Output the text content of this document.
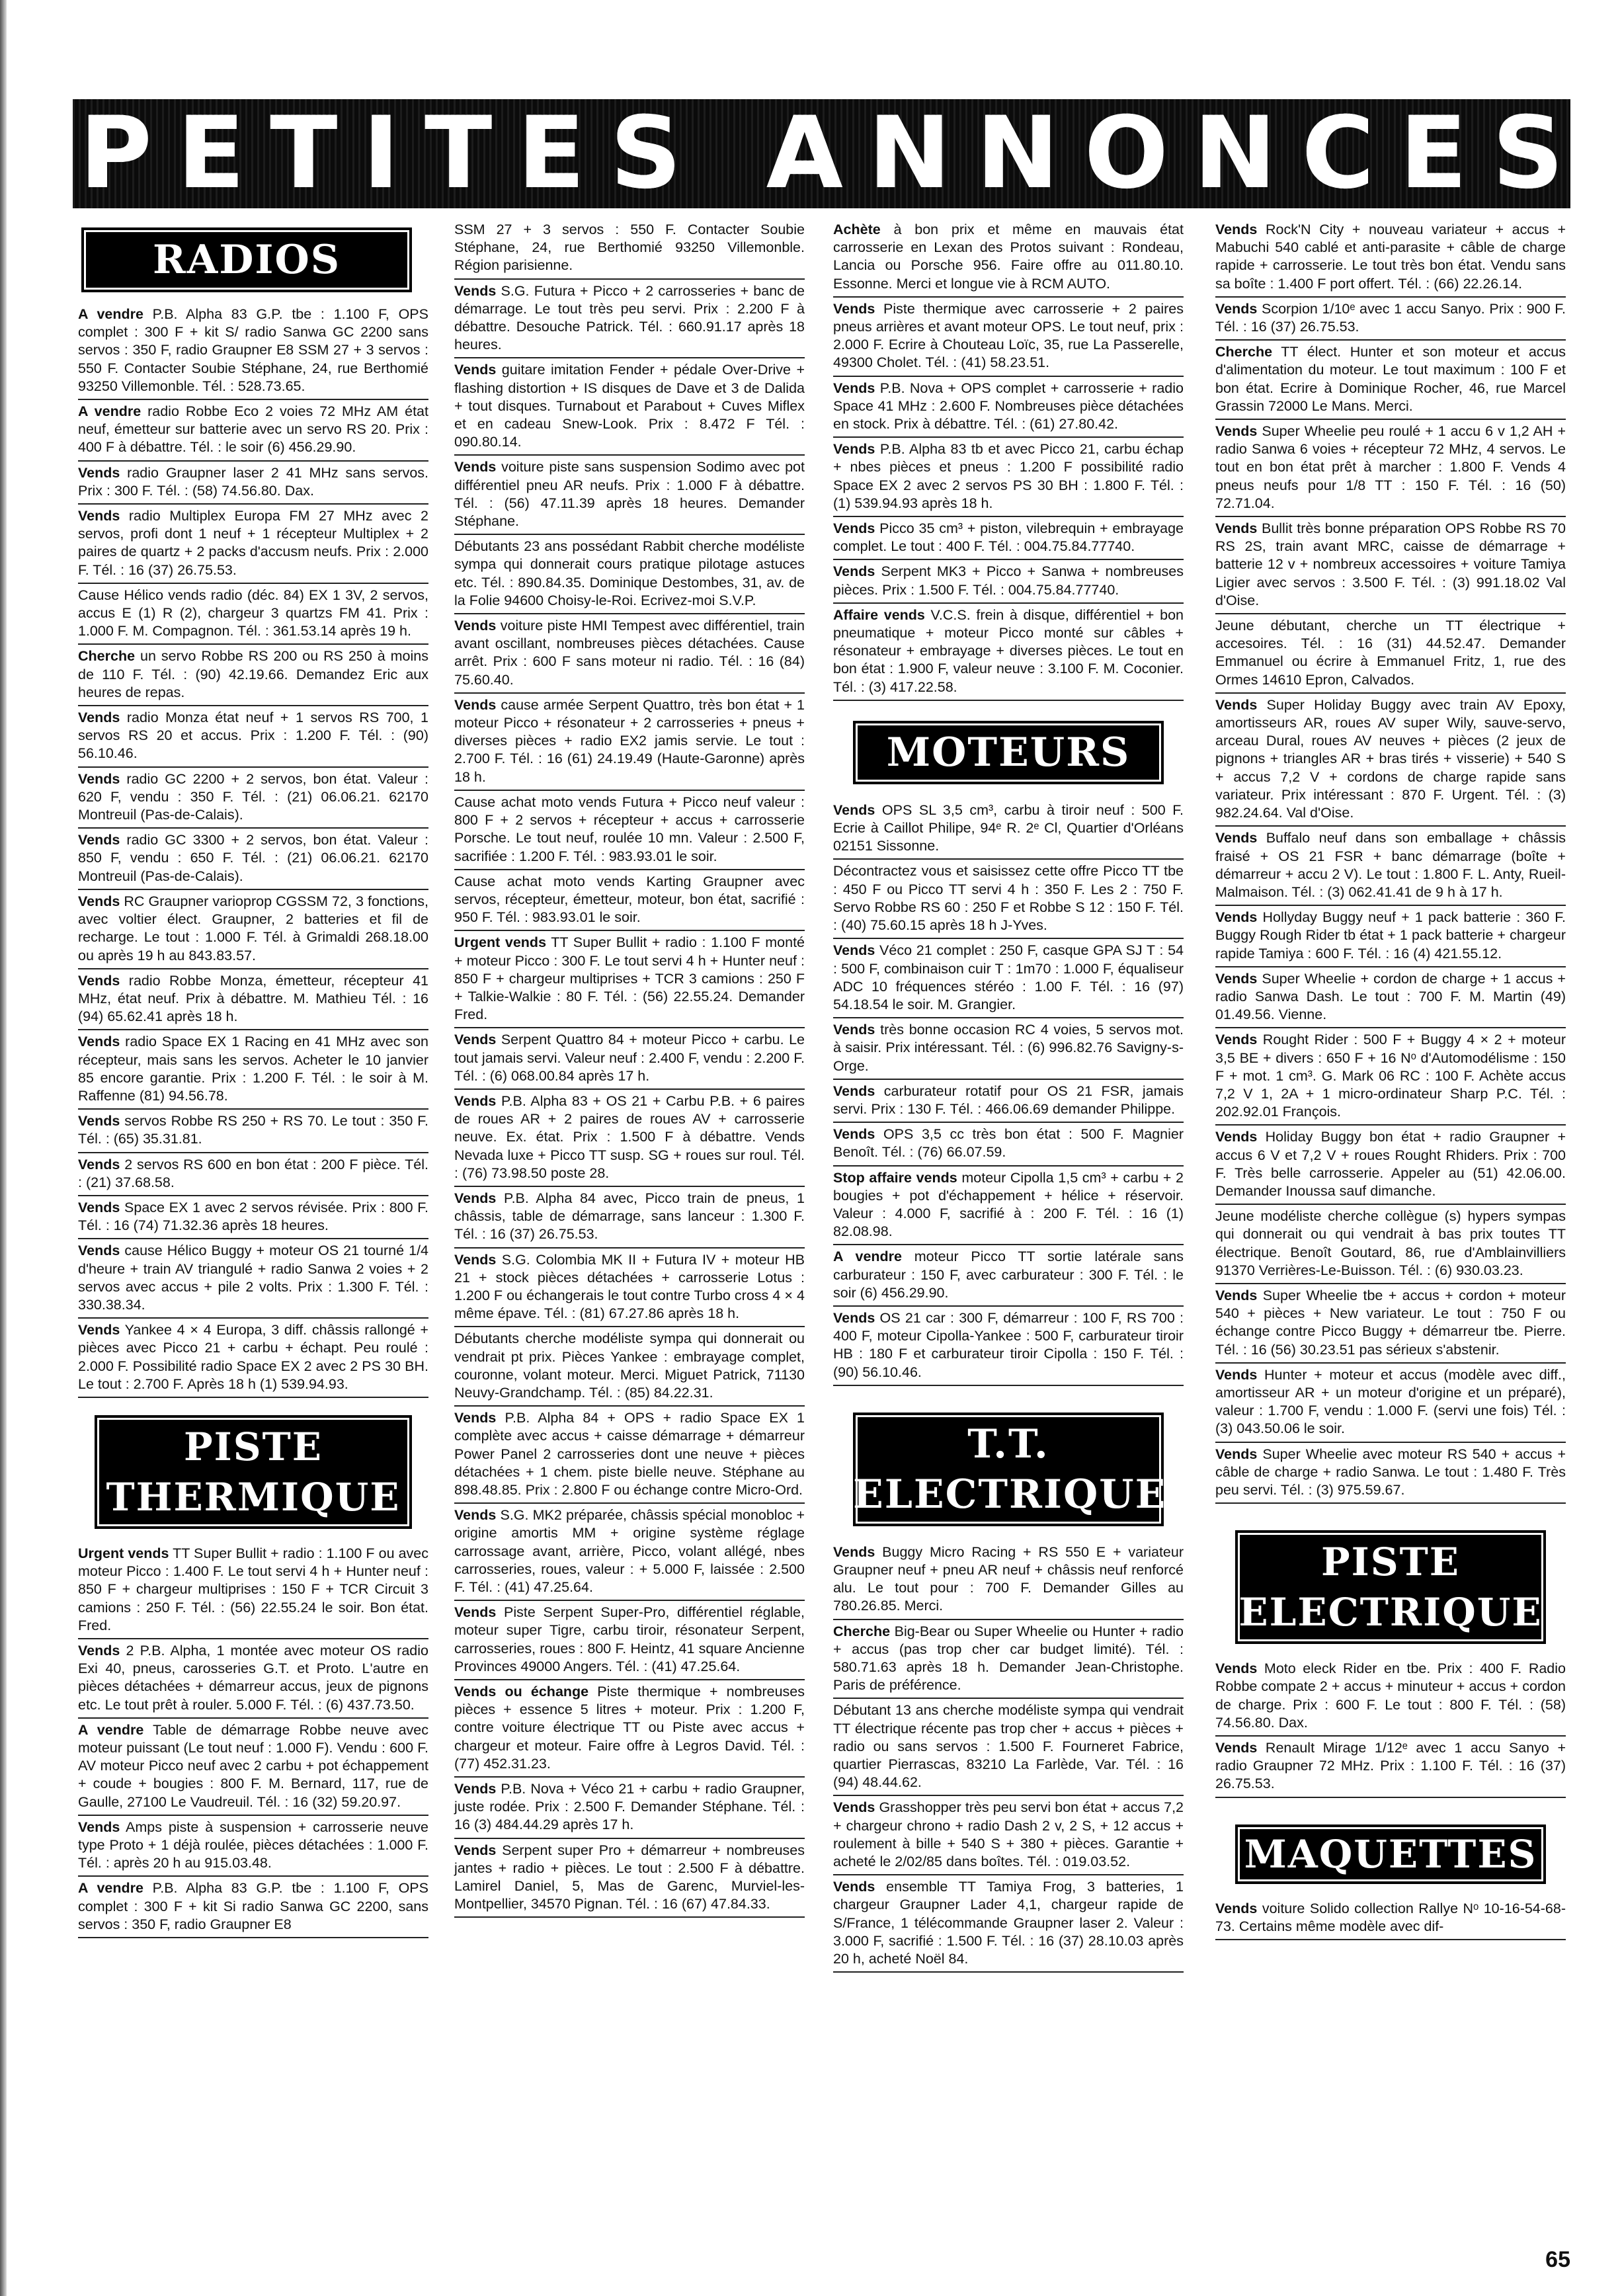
P E T I T E S
A N N O N C E S
RADIOS

A vendre P.B. Alpha 83 G.P. tbe : 1.100 F, OPS complet : 300 F + kit S/ radio Sanwa GC 2200 sans servos : 350 F, radio Graupner E8 SSM 27 + 3 servos : 550 F. Contacter Soubie Stéphane, 24, rue Berthomié 93250 Villemonble. Tél. : 528.73.65.

A vendre radio Robbe Eco 2 voies 72 MHz AM état neuf, émetteur sur batterie avec un servo RS 20. Prix : 400 F à débattre. Tél. : le soir (6) 456.29.90.

Vends radio Graupner laser 2 41 MHz sans servos. Prix : 300 F. Tél. : (58) 74.56.80. Dax.

Vends radio Multiplex Europa FM 27 MHz avec 2 servos, profi dont 1 neuf + 1 récepteur Multiplex + 2 paires de quartz + 2 packs d'accusm neufs. Prix : 2.000 F. Tél. : 16 (37) 26.75.53.

Cause Hélico vends radio (déc. 84) EX 1 3V, 2 servos, accus E (1) R (2), chargeur 3 quartzs FM 41. Prix : 1.000 F. M. Compagnon. Tél. : 361.53.14 après 19 h.

Cherche un servo Robbe RS 200 ou RS 250 à moins de 110 F. Tél. : (90) 42.19.66. Demandez Eric aux heures de repas.

Vends radio Monza état neuf + 1 servos RS 700, 1 servos RS 20 et accus. Prix : 1.200 F. Tél. : (90) 56.10.46.

Vends radio GC 2200 + 2 servos, bon état. Valeur : 620 F, vendu : 350 F. Tél. : (21) 06.06.21. 62170 Montreuil (Pas-de-Calais).

Vends radio GC 3300 + 2 servos, bon état. Valeur : 850 F, vendu : 650 F. Tél. : (21) 06.06.21. 62170 Montreuil (Pas-de-Calais).

Vends RC Graupner varioprop CGSSM 72, 3 fonctions, avec voltier élect. Graupner, 2 batteries et fil de recharge. Le tout : 1.000 F. Tél. à Grimaldi 268.18.00 ou après 19 h au 843.83.57.

Vends radio Robbe Monza, émetteur, récepteur 41 MHz, état neuf. Prix à débattre. M. Mathieu Tél. : 16 (94) 65.62.41 après 18 h.

Vends radio Space EX 1 Racing en 41 MHz avec son récepteur, mais sans les servos. Acheter le 10 janvier 85 encore garantie. Prix : 1.200 F. Tél. : le soir à M. Raffenne (81) 94.56.78.

Vends servos Robbe RS 250 + RS 70. Le tout : 350 F. Tél. : (65) 35.31.81.

Vends 2 servos RS 600 en bon état : 200 F pièce. Tél. : (21) 37.68.58.

Vends Space EX 1 avec 2 servos révisée. Prix : 800 F. Tél. : 16 (74) 71.32.36 après 18 heures.

Vends cause Hélico Buggy + moteur OS 21 tourné 1/4 d'heure + train AV triangulé + radio Sanwa 2 voies + 2 servos avec accus + pile 2 volts. Prix : 1.300 F. Tél. : 330.38.34.

Vends Yankee 4 × 4 Europa, 3 diff. châssis rallongé + pièces avec Picco 21 + carbu + échapt. Peu roulé : 2.000 F. Possibilité radio Space EX 2 avec 2 PS 30 BH. Le tout : 2.700 F. Après 18 h (1) 539.94.93.

PISTE
THERMIQUE

Urgent vends TT Super Bullit + radio : 1.100 F ou avec moteur Picco : 1.400 F. Le tout servi 4 h + Hunter neuf : 850 F + chargeur multiprises : 150 F + TCR Circuit 3 camions : 250 F. Tél. : (56) 22.55.24 le soir. Bon état. Fred.

Vends 2 P.B. Alpha, 1 montée avec moteur OS radio Exi 40, pneus, carosseries G.T. et Proto. L'autre en pièces détachées + démarreur accus, jeux de pignons etc. Le tout prêt à rouler. 5.000 F. Tél. : (6) 437.73.50.

A vendre Table de démarrage Robbe neuve avec moteur puissant (Le tout neuf : 1.000 F). Vendu : 600 F. AV moteur Picco neuf avec 2 carbu + pot échappement + coude + bougies : 800 F. M. Bernard, 117, rue de Gaulle, 27100 Le Vaudreuil. Tél. : 16 (32) 59.20.97.

Vends Amps piste à suspension + carrosserie neuve type Proto + 1 déjà roulée, pièces détachées : 1.000 F. Tél. : après 20 h au 915.03.48.

A vendre P.B. Alpha 83 G.P. tbe : 1.100 F, OPS complet : 300 F + kit Si radio Sanwa GC 2200, sans servos : 350 F, radio Graupner E8

SSM 27 + 3 servos : 550 F. Contacter Soubie Stéphane, 24, rue Berthomié 93250 Villemonble. Région parisienne.

Vends S.G. Futura + Picco + 2 carrosseries + banc de démarrage. Le tout très peu servi. Prix : 2.200 F à débattre. Desouche Patrick. Tél. : 660.91.17 après 18 heures.

Vends guitare imitation Fender + pédale Over-Drive + flashing distortion + IS disques de Dave et 3 de Dalida + tout disques. Turnabout et Parabout + Cuves Miflex et en cadeau Snew-Look. Prix : 8.472 F Tél. : 090.80.14.

Vends voiture piste sans suspension Sodimo avec pot différentiel pneu AR neufs. Prix : 1.000 F à débattre. Tél. : (56) 47.11.39 après 18 heures. Demander Stéphane.

Débutants 23 ans possédant Rabbit cherche modéliste sympa qui donnerait cours pratique pilotage astuces etc. Tél. : 890.84.35. Dominique Destombes, 31, av. de la Folie 94600 Choisy-le-Roi. Ecrivez-moi S.V.P.

Vends voiture piste HMI Tempest avec différentiel, train avant oscillant, nombreuses pièces détachées. Cause arrêt. Prix : 600 F sans moteur ni radio. Tél. : 16 (84) 75.60.40.

Vends cause armée Serpent Quattro, très bon état + 1 moteur Picco + résonateur + 2 carrosseries + pneus + diverses pièces + radio EX2 jamis servie. Le tout : 2.700 F. Tél. : 16 (61) 24.19.49 (Haute-Garonne) après 18 h.

Cause achat moto vends Futura + Picco neuf valeur : 800 F + 2 servos + récepteur + accus + carrosserie Porsche. Le tout neuf, roulée 10 mn. Valeur : 2.500 F, sacrifiée : 1.200 F. Tél. : 983.93.01 le soir.

Cause achat moto vends Karting Graupner avec servos, récepteur, émetteur, moteur, bon état, sacrifié : 950 F. Tél. : 983.93.01 le soir.

Urgent vends TT Super Bullit + radio : 1.100 F monté + moteur Picco : 300 F. Le tout servi 4 h + Hunter neuf : 850 F + chargeur multiprises + TCR 3 camions : 250 F + Talkie-Walkie : 80 F. Tél. : (56) 22.55.24. Demander Fred.

Vends Serpent Quattro 84 + moteur Picco + carbu. Le tout jamais servi. Valeur neuf : 2.400 F, vendu : 2.200 F. Tél. : (6) 068.00.84 après 17 h.

Vends P.B. Alpha 83 + OS 21 + Carbu P.B. + 6 paires de roues AR + 2 paires de roues AV + carrosserie neuve. Ex. état. Prix : 1.500 F à débattre. Vends Nevada luxe + Picco TT susp. SG + roues sur roul. Tél. : (76) 73.98.50 poste 28.

Vends P.B. Alpha 84 avec, Picco train de pneus, 1 châssis, table de démarrage, sans lanceur : 1.300 F. Tél. : 16 (37) 26.75.53.

Vends S.G. Colombia MK II + Futura IV + moteur HB 21 + stock pièces détachées + carrosserie Lotus : 1.200 F ou échangerais le tout contre Turbo cross 4 × 4 même épave. Tél. : (81) 67.27.86 après 18 h.

Débutants cherche modéliste sympa qui donnerait ou vendrait pt prix. Pièces Yankee : embrayage complet, couronne, volant moteur. Merci. Miguet Patrick, 71130 Neuvy-Grandchamp. Tél. : (85) 84.22.31.

Vends P.B. Alpha 84 + OPS + radio Space EX 1 complète avec accus + caisse démarrage + démarreur Power Panel 2 carrosseries dont une neuve + pièces détachées + 1 chem. piste bielle neuve. Stéphane au 898.48.85. Prix : 2.800 F ou échange contre Micro-Ord.

Vends S.G. MK2 préparée, châssis spécial monobloc + origine amortis MM + origine système réglage carrossage avant, arrière, Picco, volant allégé, nbes carrosseries, roues, valeur : + 5.000 F, laissée : 2.500 F. Tél. : (41) 47.25.64.

Vends Piste Serpent Super-Pro, différentiel réglable, moteur super Tigre, carbu tiroir, résonateur Serpent, carrosseries, roues : 800 F. Heintz, 41 square Ancienne Provinces 49000 Angers. Tél. : (41) 47.25.64.

Vends ou échange Piste thermique + nombreuses pièces + essence 5 litres + moteur. Prix : 1.200 F, contre voiture électrique TT ou Piste avec accus + chargeur et moteur. Faire offre à Legros David. Tél. : (77) 452.31.23.

Vends P.B. Nova + Véco 21 + carbu + radio Graupner, juste rodée. Prix : 2.500 F. Demander Stéphane. Tél. : 16 (3) 484.44.29 après 17 h.

Vends Serpent super Pro + démarreur + nombreuses jantes + radio + pièces. Le tout : 2.500 F à débattre. Lamirel Daniel, 5, Mas de Garenc, Murviel-les-Montpellier, 34570 Pignan. Tél. : 16 (67) 47.84.33.

Achète à bon prix et même en mauvais état carrosserie en Lexan des Protos suivant : Rondeau, Lancia ou Porsche 956. Faire offre au 011.80.10. Essonne. Merci et longue vie à RCM AUTO.

Vends Piste thermique avec carrosserie + 2 paires pneus arrières et avant moteur OPS. Le tout neuf, prix : 2.000 F. Ecrire à Chouteau Loïc, 35, rue La Passerelle, 49300 Cholet. Tél. : (41) 58.23.51.

Vends P.B. Nova + OPS complet + carrosserie + radio Space 41 MHz : 2.600 F. Nombreuses pièce détachées en stock. Prix à débattre. Tél. : (61) 27.80.42.

Vends P.B. Alpha 83 tb et avec Picco 21, carbu échap + nbes pièces et pneus : 1.200 F possibilité radio Space EX 2 avec 2 servos PS 30 BH : 1.800 F. Tél. : (1) 539.94.93 après 18 h.

Vends Picco 35 cm³ + piston, vilebrequin + embrayage complet. Le tout : 400 F. Tél. : 004.75.84.77740.

Vends Serpent MK3 + Picco + Sanwa + nombreuses pièces. Prix : 1.500 F. Tél. : 004.75.84.77740.

Affaire vends V.C.S. frein à disque, différentiel + bon pneumatique + moteur Picco monté sur câbles + résonateur + embrayage + diverses pièces. Le tout en bon état : 1.900 F, valeur neuve : 3.100 F. M. Coconier. Tél. : (3) 417.22.58.

MOTEURS

Vends OPS SL 3,5 cm³, carbu à tiroir neuf : 500 F. Ecrie à Caillot Philipe, 94ᵉ R. 2ᵉ Cl, Quartier d'Orléans 02151 Sissonne.

Décontractez vous et saisissez cette offre Picco TT tbe : 450 F ou Picco TT servi 4 h : 350 F. Les 2 : 750 F. Servo Robbe RS 60 : 250 F et Robbe S 12 : 150 F. Tél. : (40) 75.60.15 après 18 h J-Yves.

Vends Véco 21 complet : 250 F, casque GPA SJ T : 54 : 500 F, combinaison cuir T : 1m70 : 1.000 F, équaliseur ADC 10 fréquences stéréo : 1.00 F. Tél. : 16 (97) 54.18.54 le soir. M. Grangier.

Vends très bonne occasion RC 4 voies, 5 servos mot. à saisir. Prix intéressant. Tél. : (6) 996.82.76 Savigny-s-Orge.

Vends carburateur rotatif pour OS 21 FSR, jamais servi. Prix : 130 F. Tél. : 466.06.69 demander Philippe.

Vends OPS 3,5 cc très bon état : 500 F. Magnier Benoît. Tél. : (76) 66.07.59.

Stop affaire vends moteur Cipolla 1,5 cm³ + carbu + 2 bougies + pot d'échappement + hélice + réservoir. Valeur : 4.000 F, sacrifié à : 200 F. Tél. : 16 (1) 82.08.98.

A vendre moteur Picco TT sortie latérale sans carburateur : 150 F, avec carburateur : 300 F. Tél. : le soir (6) 456.29.90.

Vends OS 21 car : 300 F, démarreur : 100 F, RS 700 : 400 F, moteur Cipolla-Yankee : 500 F, carburateur tiroir HB : 180 F et carburateur tiroir Cipolla : 150 F. Tél. : (90) 56.10.46.

T.T.
ELECTRIQUE

Vends Buggy Micro Racing + RS 550 E + variateur Graupner neuf + pneu AR neuf + châssis neuf renforcé alu. Le tout pour : 700 F. Demander Gilles au 780.26.85. Merci.

Cherche Big-Bear ou Super Wheelie ou Hunter + radio + accus (pas trop cher car budget limité). Tél. : 580.71.63 après 18 h. Demander Jean-Christophe. Paris de préférence.

Débutant 13 ans cherche modéliste sympa qui vendrait TT électrique récente pas trop cher + accus + pièces + radio ou sans servos : 1.500 F. Fourneret Fabrice, quartier Pierrascas, 83210 La Farlède, Var. Tél. : 16 (94) 48.44.62.

Vends Grasshopper très peu servi bon état + accus 7,2 + chargeur chrono + radio Dash 2 v, 2 S, + 12 accus + roulement à bille + 540 S + 380 + pièces. Garantie + acheté le 2/02/85 dans boîtes. Tél. : 019.03.52.

Vends ensemble TT Tamiya Frog, 3 batteries, 1 chargeur Graupner Lader 4,1, chargeur rapide de S/France, 1 télécommande Graupner laser 2. Valeur : 3.000 F, sacrifié : 1.500 F. Tél. : 16 (37) 28.10.03 après 20 h, acheté Noël 84.

Vends Rock'N City + nouveau variateur + accus + Mabuchi 540 cablé et anti-parasite + câble de charge rapide + carrosserie. Le tout très bon état. Vendu sans sa boîte : 1.400 F port offert. Tél. : (66) 22.26.14.

Vends Scorpion 1/10ᵉ avec 1 accu Sanyo. Prix : 900 F. Tél. : 16 (37) 26.75.53.

Cherche TT élect. Hunter et son moteur et accus d'alimentation du moteur. Le tout maximum : 100 F et bon état. Ecrire à Dominique Rocher, 46, rue Marcel Grassin 72000 Le Mans. Merci.

Vends Super Wheelie peu roulé + 1 accu 6 v 1,2 AH + radio Sanwa 6 voies + récepteur 72 MHz, 4 servos. Le tout en bon état prêt à marcher : 1.800 F. Vends 4 pneus neufs pour 1/8 TT : 150 F. Tél. : 16 (50) 72.71.04.

Vends Bullit très bonne préparation OPS Robbe RS 70 RS 2S, train avant MRC, caisse de démarrage + batterie 12 v + nombreux accessoires + voiture Tamiya Ligier avec servos : 3.500 F. Tél. : (3) 991.18.02 Val d'Oise.

Jeune débutant, cherche un TT électrique + accesoires. Tél. : 16 (31) 44.52.47. Demander Emmanuel ou écrire à Emmanuel Fritz, 1, rue des Ormes 14610 Epron, Calvados.

Vends Super Holiday Buggy avec train AV Epoxy, amortisseurs AR, roues AV super Wily, sauve-servo, arceau Dural, roues AV neuves + pièces (2 jeux de pignons + triangles AR + bras tirés + visserie) + 540 S + accus 7,2 V + cordons de charge rapide sans variateur. Prix intéressant : 870 F. Urgent. Tél. : (3) 982.24.64. Val d'Oise.

Vends Buffalo neuf dans son emballage + châssis fraisé + OS 21 FSR + banc démarrage (boîte + démarreur + accu 2 V). Le tout : 1.800 F. L. Anty, Rueil-Malmaison. Tél. : (3) 062.41.41 de 9 h à 17 h.

Vends Hollyday Buggy neuf + 1 pack batterie : 360 F. Buggy Rough Rider tb état + 1 pack batterie + chargeur rapide Tamiya : 600 F. Tél. : 16 (4) 421.55.12.

Vends Super Wheelie + cordon de charge + 1 accus + radio Sanwa Dash. Le tout : 700 F. M. Martin (49) 01.49.56. Vienne.

Vends Rought Rider : 500 F + Buggy 4 × 2 + moteur 3,5 BE + divers : 650 F + 16 Nᵒ d'Automodélisme : 150 F + mot. 1 cm³. G. Mark 06 RC : 100 F. Achète accus 7,2 V 1, 2A + 1 micro-ordinateur Sharp P.C. Tél. : 202.92.01 François.

Vends Holiday Buggy bon état + radio Graupner + accus 6 V et 7,2 V + roues Rought Rhiders. Prix : 700 F. Très belle carrosserie. Appeler au (51) 42.06.00. Demander Inoussa sauf dimanche.

Jeune modéliste cherche collègue (s) hypers sympas qui donnerait ou qui vendrait à bas prix toutes TT électrique. Benoît Goutard, 86, rue d'Amblainvilliers 91370 Verrières-Le-Buisson. Tél. : (6) 930.03.23.

Vends Super Wheelie tbe + accus + cordon + moteur 540 + pièces + New variateur. Le tout : 750 F ou échange contre Picco Buggy + démarreur tbe. Pierre. Tél. : 16 (56) 30.23.51 pas sérieux s'abstenir.

Vends Hunter + moteur et accus (modèle avec diff., amortisseur AR + un moteur d'origine et un préparé), valeur : 1.700 F, vendu : 1.000 F. (servi une fois) Tél. : (3) 043.50.06 le soir.

Vends Super Wheelie avec moteur RS 540 + accus + câble de charge + radio Sanwa. Le tout : 1.480 F. Très peu servi. Tél. : (3) 975.59.67.

PISTE
ELECTRIQUE

Vends Moto eleck Rider en tbe. Prix : 400 F. Radio Robbe compate 2 + accus + minuteur + accus + cordon de charge. Prix : 600 F. Le tout : 800 F. Tél. : (58) 74.56.80. Dax.

Vends Renault Mirage 1/12ᵉ avec 1 accu Sanyo + radio Graupner 72 MHz. Prix : 1.100 F. Tél. : 16 (37) 26.75.53.

MAQUETTES

Vends voiture Solido collection Rallye Nᵒ 10-16-54-68-73. Certains même modèle avec dif-

65
